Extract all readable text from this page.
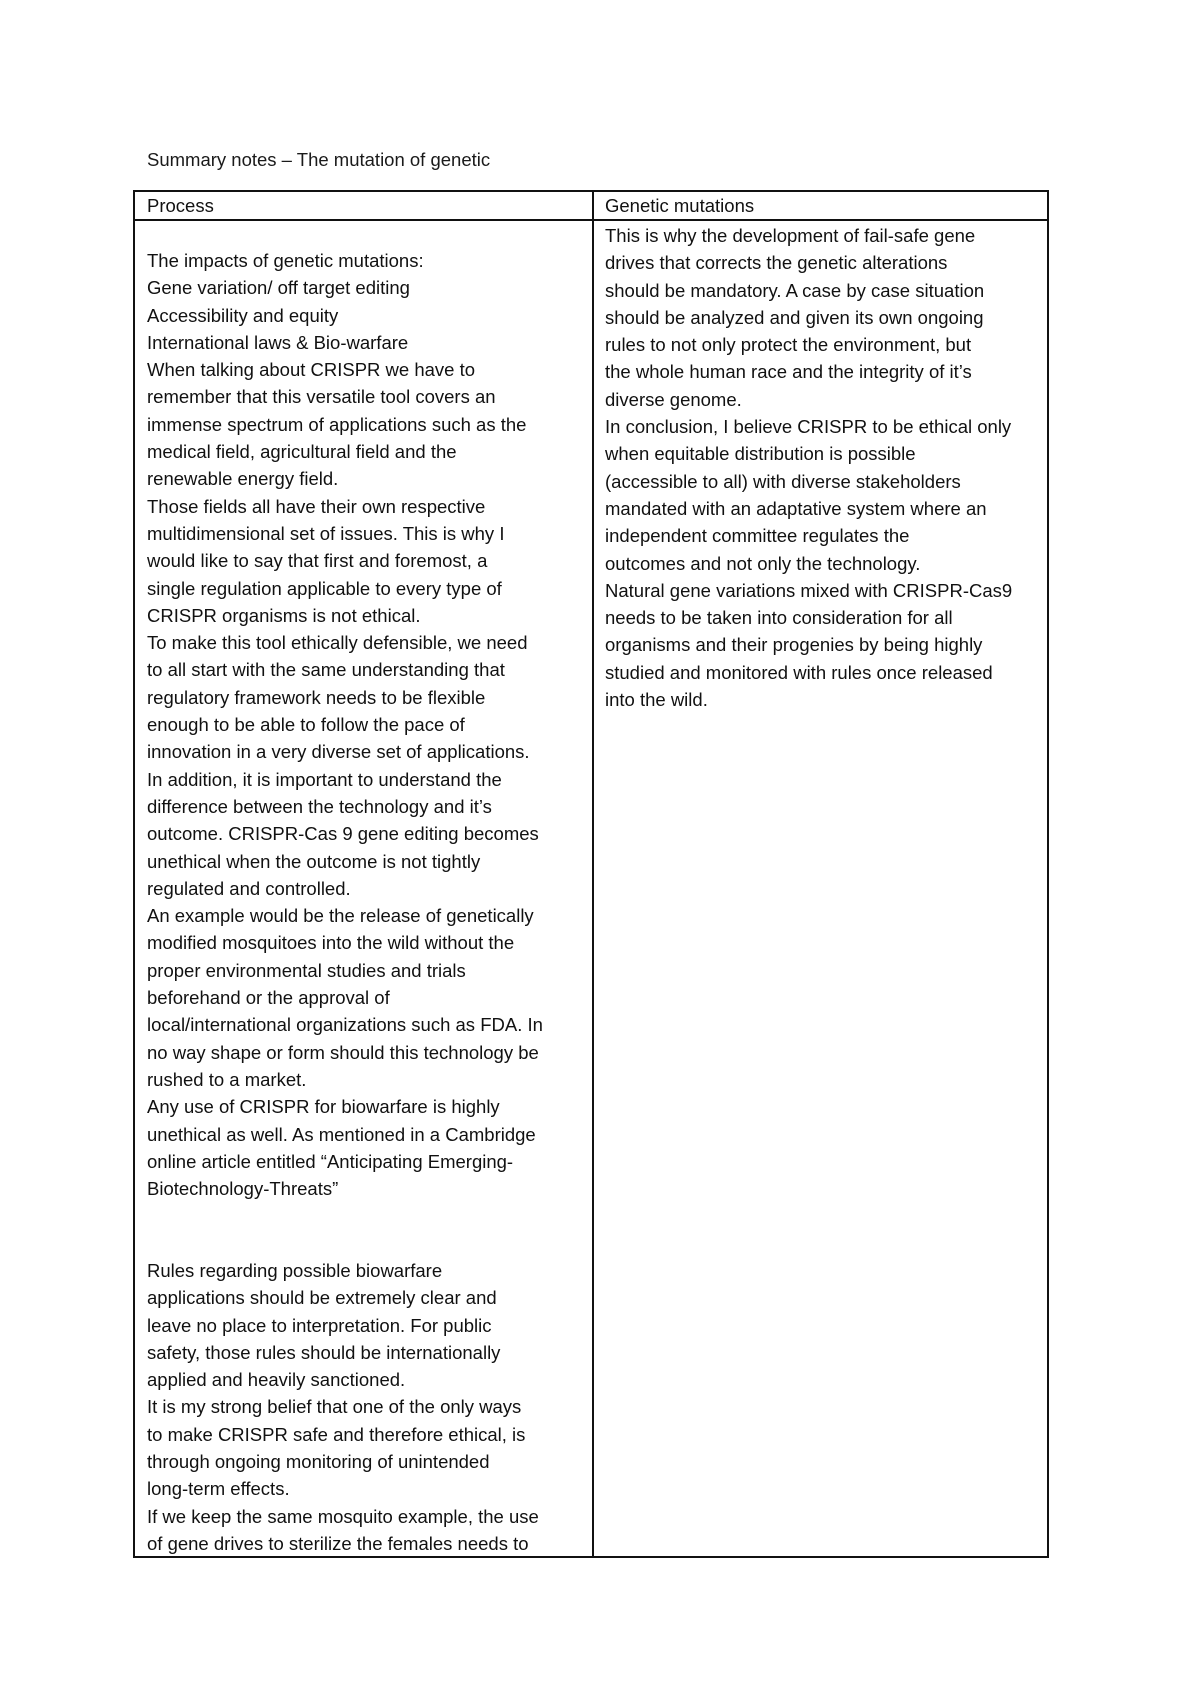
Summary notes – The mutation of genetic
Process	Genetic mutations
The impacts of genetic mutations:
Gene variation/ off target editing
Accessibility and equity
International laws & Bio-warfare
When talking about CRISPR we have to
remember that this versatile tool covers an
immense spectrum of applications such as the
medical field, agricultural field and the
renewable energy field.
Those fields all have their own respective
multidimensional set of issues. This is why I
would like to say that first and foremost, a
single regulation applicable to every type of
CRISPR organisms is not ethical.
To make this tool ethically defensible, we need
to all start with the same understanding that
regulatory framework needs to be flexible
enough to be able to follow the pace of
innovation in a very diverse set of applications.
In addition, it is important to understand the
difference between the technology and it’s
outcome. CRISPR-Cas 9 gene editing becomes
unethical when the outcome is not tightly
regulated and controlled.
An example would be the release of genetically
modified mosquitoes into the wild without the
proper environmental studies and trials
beforehand or the approval of
local/international organizations such as FDA. In
no way shape or form should this technology be
rushed to a market.
Any use of CRISPR for biowarfare is highly
unethical as well. As mentioned in a Cambridge
online article entitled “Anticipating Emerging-
Biotechnology-Threats”
Rules regarding possible biowarfare
applications should be extremely clear and
leave no place to interpretation. For public
safety, those rules should be internationally
applied and heavily sanctioned.
It is my strong belief that one of the only ways
to make CRISPR safe and therefore ethical, is
through ongoing monitoring of unintended
long-term effects.
If we keep the same mosquito example, the use
of gene drives to sterilize the females needs to
This is why the development of fail-safe gene
drives that corrects the genetic alterations
should be mandatory. A case by case situation
should be analyzed and given its own ongoing
rules to not only protect the environment, but
the whole human race and the integrity of it’s
diverse genome.
In conclusion, I believe CRISPR to be ethical only
when equitable distribution is possible
(accessible to all) with diverse stakeholders
mandated with an adaptative system where an
independent committee regulates the
outcomes and not only the technology.
Natural gene variations mixed with CRISPR-Cas9
needs to be taken into consideration for all
organisms and their progenies by being highly
studied and monitored with rules once released
into the wild.
